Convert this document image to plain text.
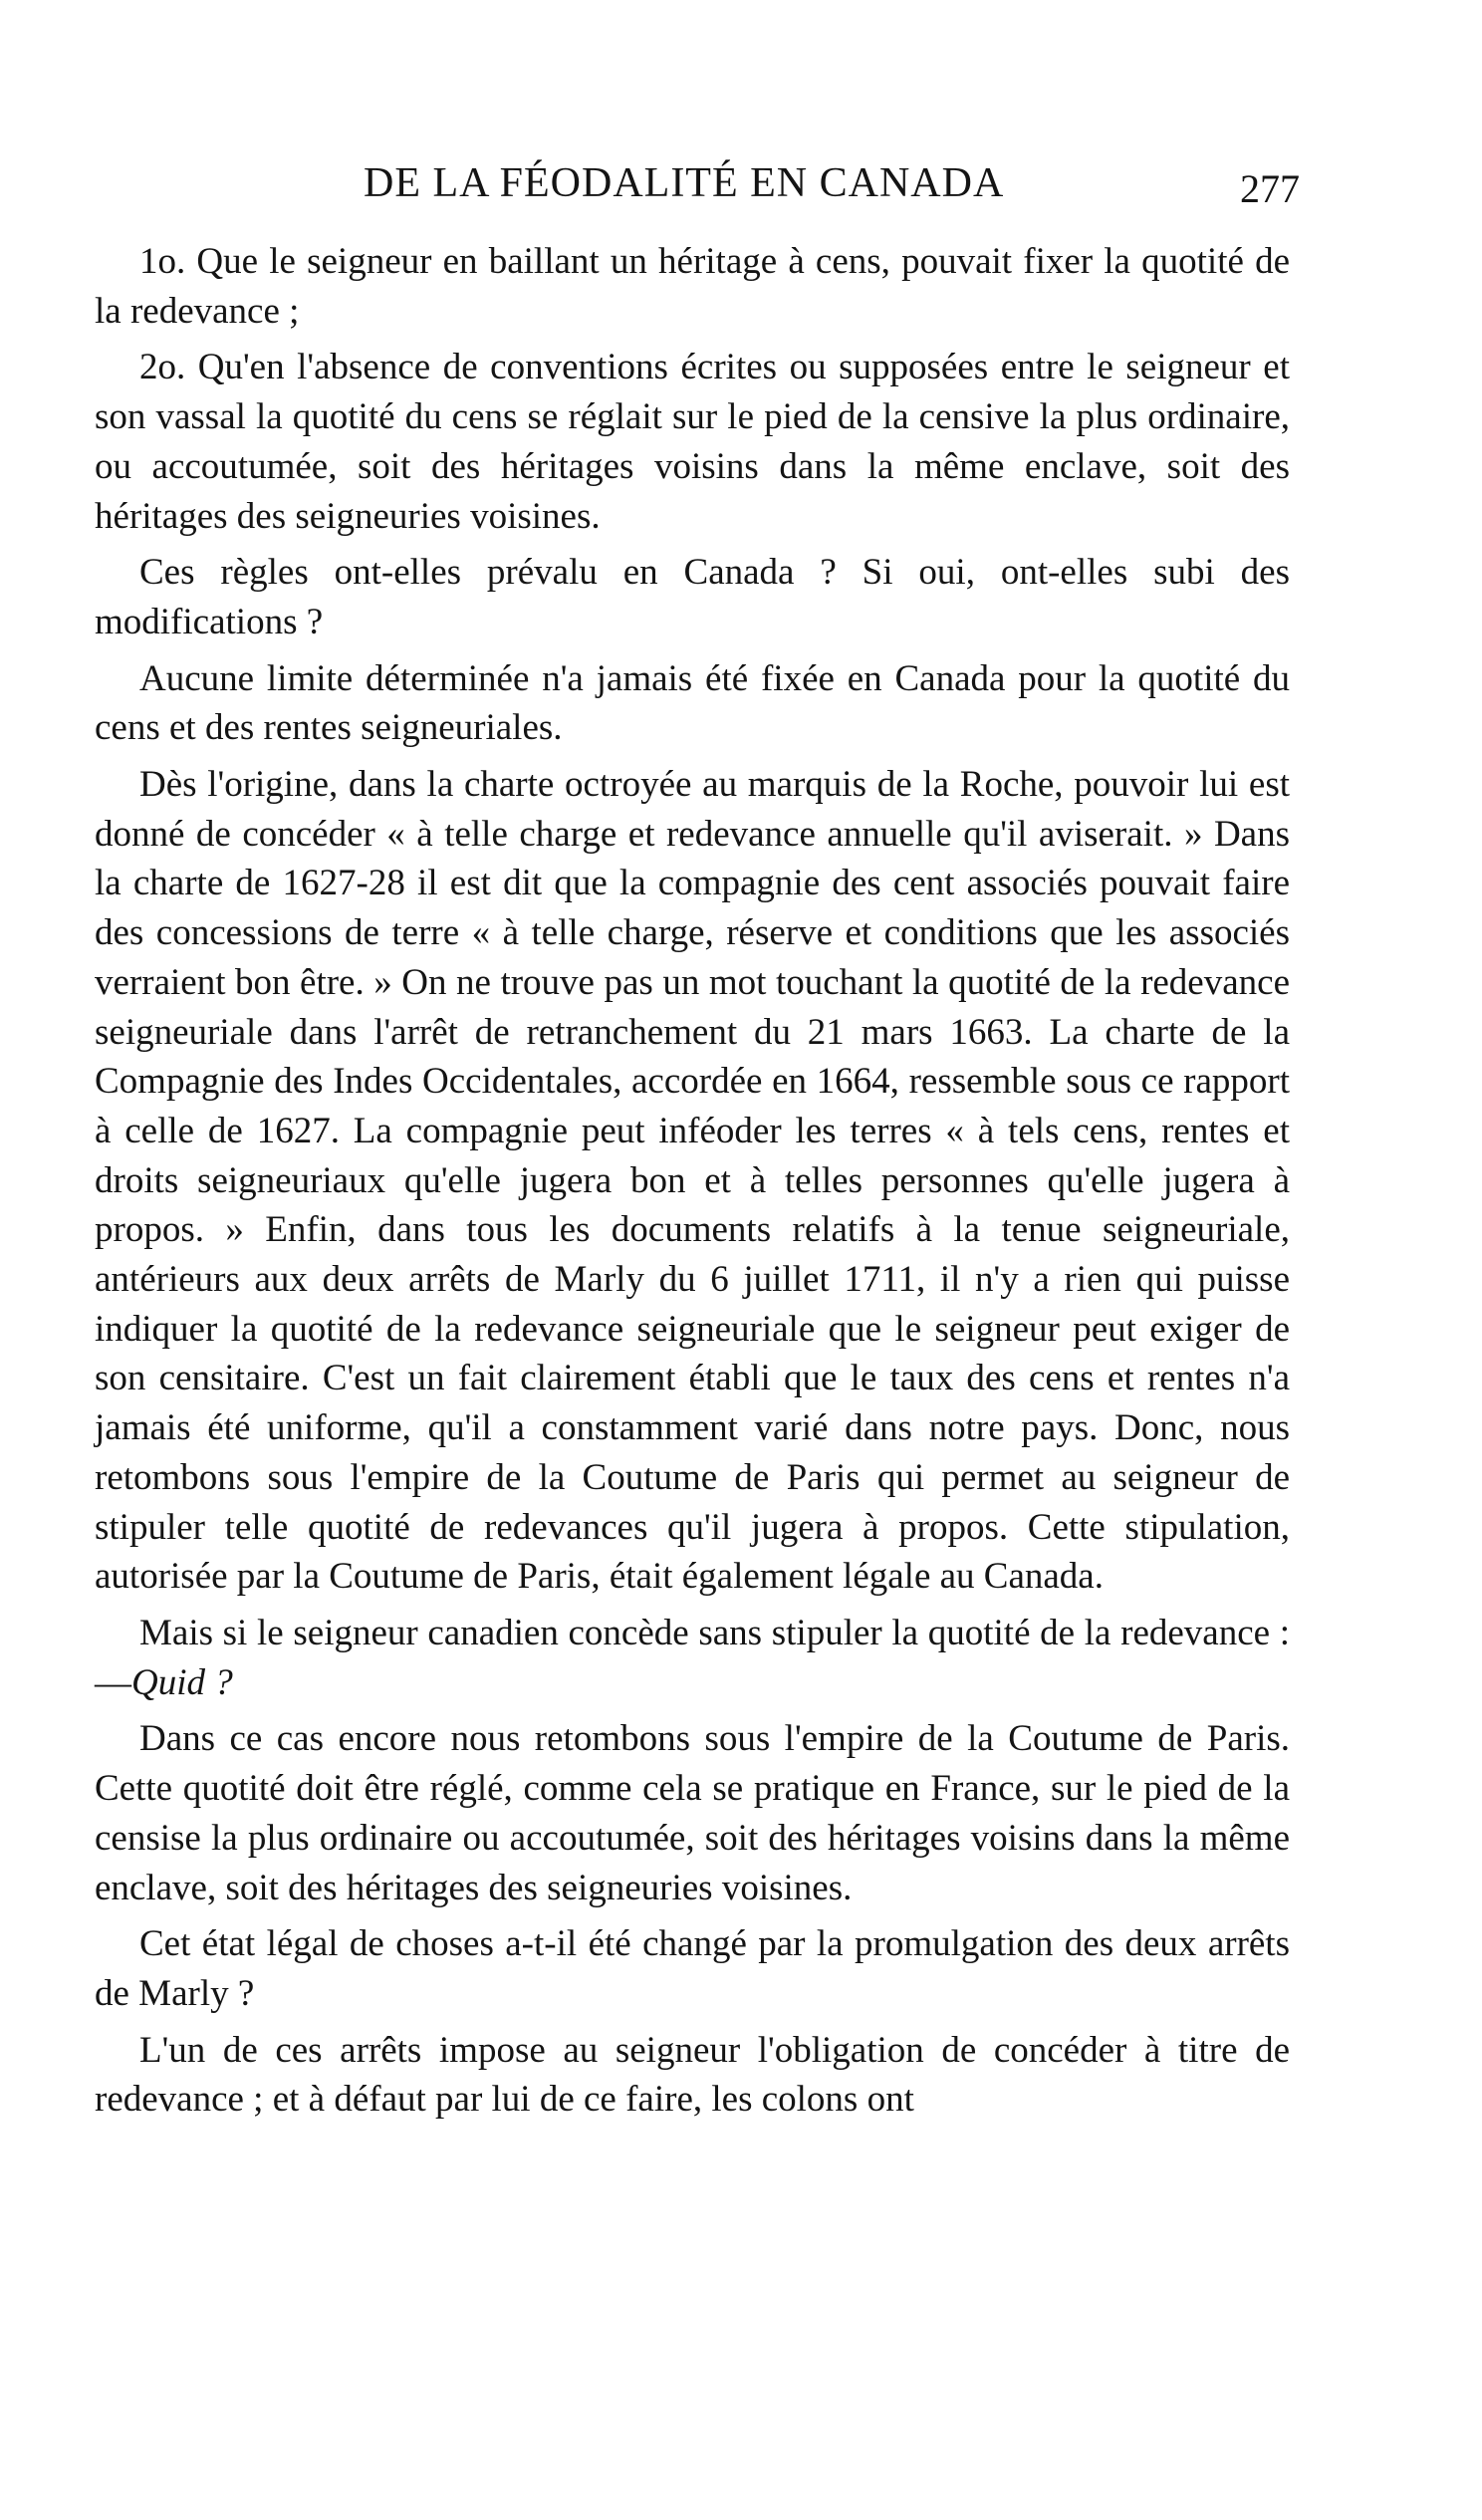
DE LA FÉODALITÉ EN CANADA	277

1o. Que le seigneur en baillant un héritage à cens, pouvait fixer la quotité de la redevance ;

2o. Qu'en l'absence de conventions écrites ou supposées entre le seigneur et son vassal la quotité du cens se réglait sur le pied de la censive la plus ordinaire, ou accoutumée, soit des héritages voisins dans la même enclave, soit des héritages des seigneuries voisines.

Ces règles ont-elles prévalu en Canada ? Si oui, ont-elles subi des modifications ?

Aucune limite déterminée n'a jamais été fixée en Canada pour la quotité du cens et des rentes seigneuriales.

Dès l'origine, dans la charte octroyée au marquis de la Roche, pouvoir lui est donné de concéder « à telle charge et redevance annuelle qu'il aviserait. » Dans la charte de 1627-28 il est dit que la compagnie des cent associés pouvait faire des concessions de terre « à telle charge, réserve et conditions que les associés verraient bon être. » On ne trouve pas un mot touchant la quotité de la redevance seigneuriale dans l'arrêt de retranchement du 21 mars 1663. La charte de la Compagnie des Indes Occidentales, accordée en 1664, ressemble sous ce rapport à celle de 1627. La compagnie peut inféoder les terres « à tels cens, rentes et droits seigneuriaux qu'elle jugera bon et à telles personnes qu'elle jugera à propos. » Enfin, dans tous les documents relatifs à la tenue seigneuriale, antérieurs aux deux arrêts de Marly du 6 juillet 1711, il n'y a rien qui puisse indiquer la quotité de la redevance seigneuriale que le seigneur peut exiger de son censitaire. C'est un fait clairement établi que le taux des cens et rentes n'a jamais été uniforme, qu'il a constamment varié dans notre pays. Donc, nous retombons sous l'empire de la Coutume de Paris qui permet au seigneur de stipuler telle quotité de redevances qu'il jugera à propos. Cette stipulation, autorisée par la Coutume de Paris, était également légale au Canada.

Mais si le seigneur canadien concède sans stipuler la quotité de la redevance :—Quid ?

Dans ce cas encore nous retombons sous l'empire de la Coutume de Paris. Cette quotité doit être réglé, comme cela se pratique en France, sur le pied de la censise la plus ordinaire ou accoutumée, soit des héritages voisins dans la même enclave, soit des héritages des seigneuries voisines.

Cet état légal de choses a-t-il été changé par la promulgation des deux arrêts de Marly ?

L'un de ces arrêts impose au seigneur l'obligation de concéder à titre de redevance ; et à défaut par lui de ce faire, les colons ont
